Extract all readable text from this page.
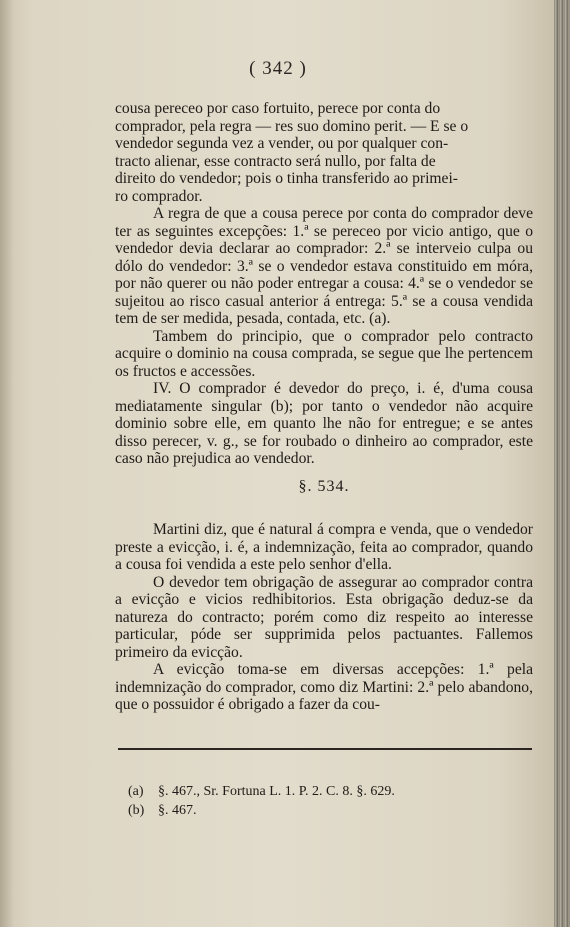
( 342 )

cousa pereceo por caso fortuito, perece por conta do
comprador, pela regra — res suo domino perit. — E se o
vendedor segunda vez a vender, ou por qualquer con-
tracto alienar, esse contracto será nullo, por falta de
direito do vendedor; pois o tinha transferido ao primei-
ro comprador.

A regra de que a cousa perece por conta do comprador deve ter as seguintes excepções: 1.ª se pereceo por vicio antigo, que o vendedor devia declarar ao comprador: 2.ª se interveio culpa ou dólo do vendedor: 3.ª se o vendedor estava constituido em móra, por não querer ou não poder entregar a cousa: 4.ª se o vendedor se sujeitou ao risco casual anterior á entrega: 5.ª se a cousa vendida tem de ser medida, pesada, contada, etc. (a).

Tambem do principio, que o comprador pelo contracto acquire o dominio na cousa comprada, se segue que lhe pertencem os fructos e accessões.

IV. O comprador é devedor do preço, i. é, d'uma cousa mediatamente singular (b); por tanto o vendedor não acquire dominio sobre elle, em quanto lhe não for entregue; e se antes disso perecer, v. g., se for roubado o dinheiro ao comprador, este caso não prejudica ao vendedor.

§. 534.

Martini diz, que é natural á compra e venda, que o vendedor preste a evicção, i. é, a indemnização, feita ao comprador, quando a cousa foi vendida a este pelo senhor d'ella.

O devedor tem obrigação de assegurar ao comprador contra a evicção e vicios redhibitorios. Esta obrigação deduz-se da natureza do contracto; porém como diz respeito ao interesse particular, póde ser supprimida pelos pactuantes. Fallemos primeiro da evicção.

A evicção toma-se em diversas accepções: 1.ª pela indemnização do comprador, como diz Martini: 2.ª pelo abandono, que o possuidor é obrigado a fazer da cou-

(a) §. 467., Sr. Fortuna L. 1. P. 2. C. 8. §. 629.
(b) §. 467.
